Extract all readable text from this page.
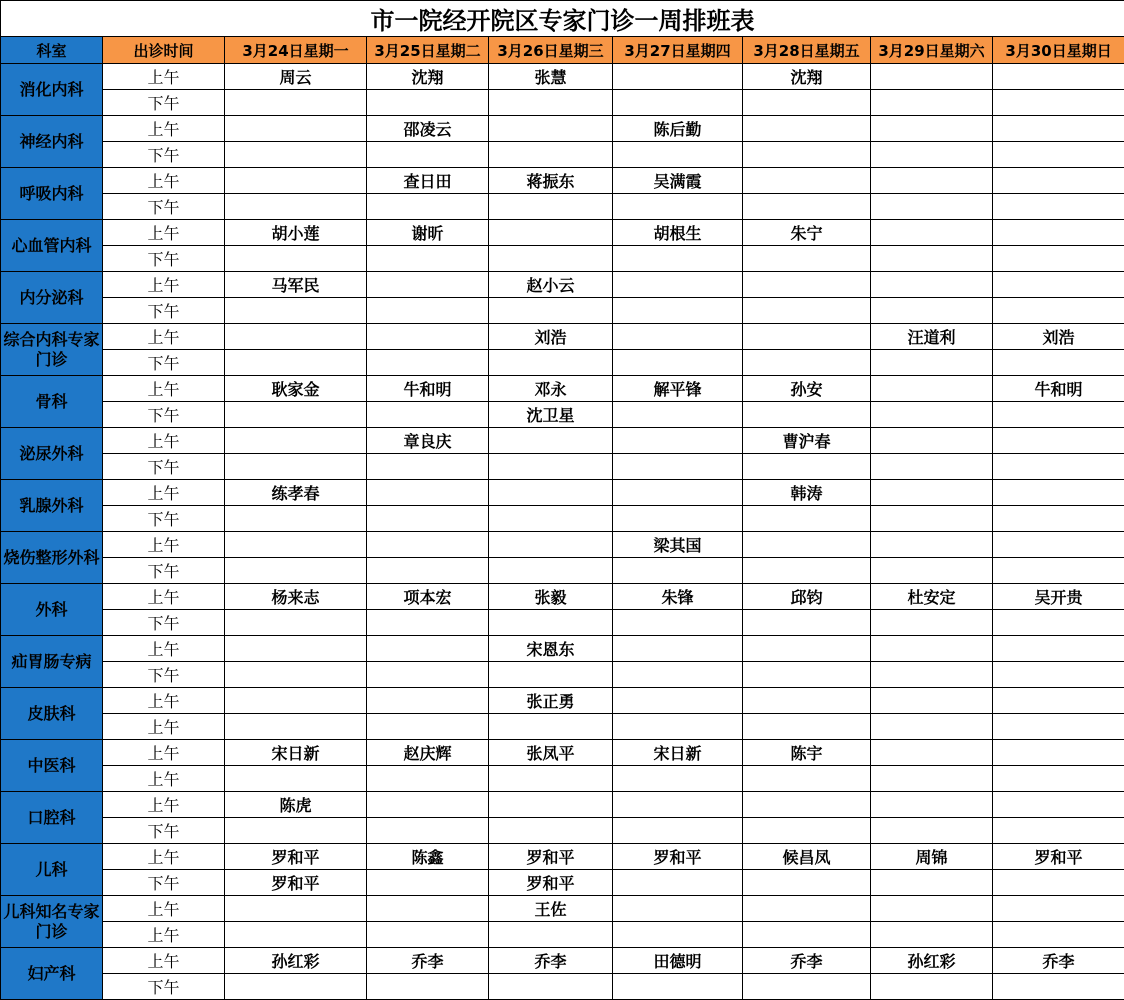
市一院经开院区专家门诊一周排班表								
科室	出诊时间	3月24日星期一	3月25日星期二	3月26日星期三	3月27日星期四	3月28日星期五	3月29日星期六	3月30日星期日
消化内科	上午	周云	沈翔	张慧		沈翔		
	下午							
神经内科	上午		邵凌云		陈后勤			
	下午							
呼吸内科	上午		查日田	蒋振东	吴满霞			
	下午							
心血管内科	上午	胡小莲	谢昕		胡根生	朱宁		
	下午							
内分泌科	上午	马军民		赵小云				
	下午							
综合内科专家门诊	上午			刘浩			汪道利	刘浩
	下午							
骨科	上午	耿家金	牛和明	邓永	解平锋	孙安		牛和明
	下午			沈卫星				
泌尿外科	上午		章良庆			曹沪春		
	下午							
乳腺外科	上午	练孝春				韩涛		
	下午							
烧伤整形外科	上午				梁其国			
	下午							
外科	上午	杨来志	项本宏	张毅	朱锋	邱钧	杜安定	吴开贵
	下午							
疝胃肠专病	上午			宋恩东				
	下午							
皮肤科	上午			张正勇				
	上午							
中医科	上午	宋日新	赵庆辉	张凤平	宋日新	陈宇		
	上午							
口腔科	上午	陈虎						
	下午							
儿科	上午	罗和平	陈鑫	罗和平	罗和平	候昌凤	周锦	罗和平
	下午	罗和平		罗和平				
儿科知名专家门诊	上午			王佐				
	上午							
妇产科	上午	孙红彩	乔李	乔李	田德明	乔李	孙红彩	乔李
	下午							
